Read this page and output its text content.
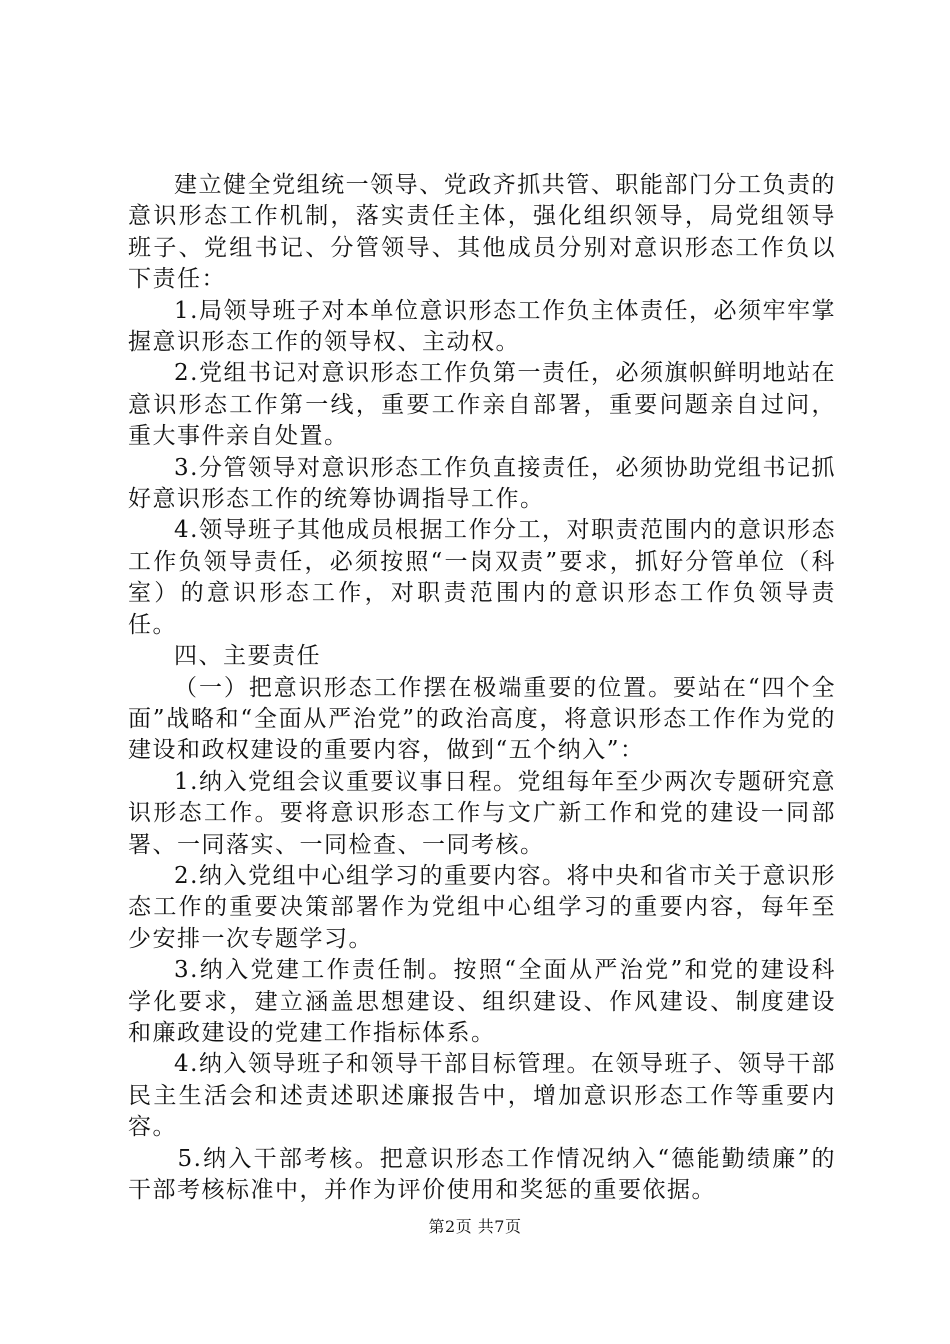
建立健全党组统一领导、党政齐抓共管、职能部门分工负责的意识形态工作机制，落实责任主体，强化组织领导，局党组领导班子、党组书记、分管领导、其他成员分别对意识形态工作负以下责任：

1.局领导班子对本单位意识形态工作负主体责任，必须牢牢掌握意识形态工作的领导权、主动权。

2.党组书记对意识形态工作负第一责任，必须旗帜鲜明地站在意识形态工作第一线，重要工作亲自部署，重要问题亲自过问，重大事件亲自处置。

3.分管领导对意识形态工作负直接责任，必须协助党组书记抓好意识形态工作的统筹协调指导工作。

4.领导班子其他成员根据工作分工，对职责范围内的意识形态工作负领导责任，必须按照“一岗双责”要求，抓好分管单位（科室）的意识形态工作，对职责范围内的意识形态工作负领导责任。

四、主要责任

（一）把意识形态工作摆在极端重要的位置。要站在“四个全面”战略和“全面从严治党”的政治高度，将意识形态工作作为党的建设和政权建设的重要内容，做到“五个纳入”：

1.纳入党组会议重要议事日程。党组每年至少两次专题研究意识形态工作。要将意识形态工作与文广新工作和党的建设一同部署、一同落实、一同检查、一同考核。

2.纳入党组中心组学习的重要内容。将中央和省市关于意识形态工作的重要决策部署作为党组中心组学习的重要内容，每年至少安排一次专题学习。

3.纳入党建工作责任制。按照“全面从严治党”和党的建设科学化要求，建立涵盖思想建设、组织建设、作风建设、制度建设和廉政建设的党建工作指标体系。

4.纳入领导班子和领导干部目标管理。在领导班子、领导干部民主生活会和述责述职述廉报告中，增加意识形态工作等重要内容。

5.纳入干部考核。把意识形态工作情况纳入“德能勤绩廉”的干部考核标准中，并作为评价使用和奖惩的重要依据。

第2页 共7页
